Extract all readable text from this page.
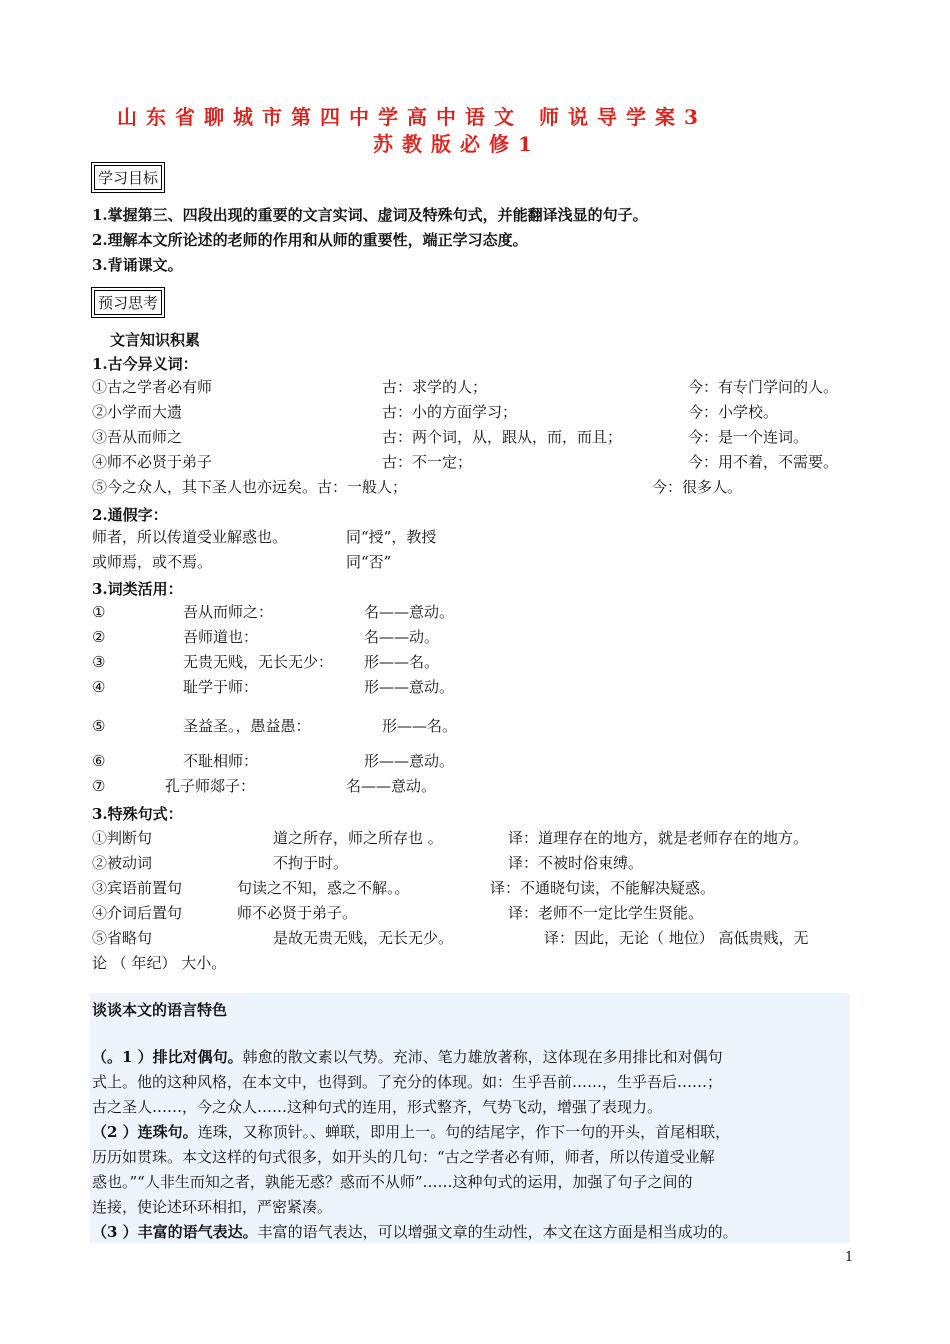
山东省聊城市第四中学高中语文 师说导学案3
苏教版必修1
学习目标
1.掌握第三、四段出现的重要的文言实词、虚词及特殊句式，并能翻译浅显的句子。
2.理解本文所论述的老师的作用和从师的重要性，端正学习态度。
3.背诵课文。
预习思考
文言知识积累
1.古今异义词：
①古之学者必有师	古：求学的人；	今：有专门学问的人。
②小学而大遗	古：小的方面学习；	今：小学校。
③吾从而师之	古：两个词，从，跟从，而，而且；	今：是一个连词。
④师不必贤于弟子	古：不一定；	今：用不着，不需要。
⑤今之众人，其下圣人也亦远矣。古：一般人；	今：很多人。
2.通假字：
师者，所以传道受业解惑也。	同“授”，教授
或师焉，或不焉。	同“否”
3.词类活用：
①	吾从而师之：	名——意动。
②	吾师道也：	名——动。
③	无贵无贱，无长无少： 形——名。
④	耻学于师：	形——意动。
⑤	圣益圣。，愚益愚：	形——名。
⑥	不耻相师：	形——意动。
⑦	孔子师郯子：	名——意动。
3.特殊句式：
①判断句	道之所存，师之所存也 。	译：道理存在的地方，就是老师存在的地方。
②被动词	不拘于时。	译：不被时俗束缚。
③宾语前置句	句读之不知，惑之不解。。	译：不通晓句读，不能解决疑惑。
④介词后置句	师不必贤于弟子。	译：老师不一定比学生贤能。
⑤省略句	是故无贵无贱，无长无少。	译：因此，无论（ 地位） 高低贵贱，无
论 （ 年纪） 大小。
谈谈本文的语言特色
（。1 ）排比对偶句。韩愈的散文素以气势。充沛、笔力雄放著称，这体现在多用排比和对偶句
式上。他的这种风格，在本文中，也得到。了充分的体现。如：生乎吾前……，生乎吾后……；
古之圣人……，今之众人……这种句式的连用，形式整齐，气势飞动，增强了表现力。
（2 ）连珠句。连珠，又称顶针。、蝉联，即用上一。句的结尾字，作下一句的开头，首尾相联，
历历如贯珠。本文这样的句式很多，如开头的几句：“古之学者必有师，师者，所以传道受业解
惑也。”“人非生而知之者，孰能无惑？惑而不从师”……这种句式的运用，加强了句子之间的
连接，使论述环环相扣，严密紧凑。
（3 ）丰富的语气表达。丰富的语气表达，可以增强文章的生动性，本文在这方面是相当成功的。
1
